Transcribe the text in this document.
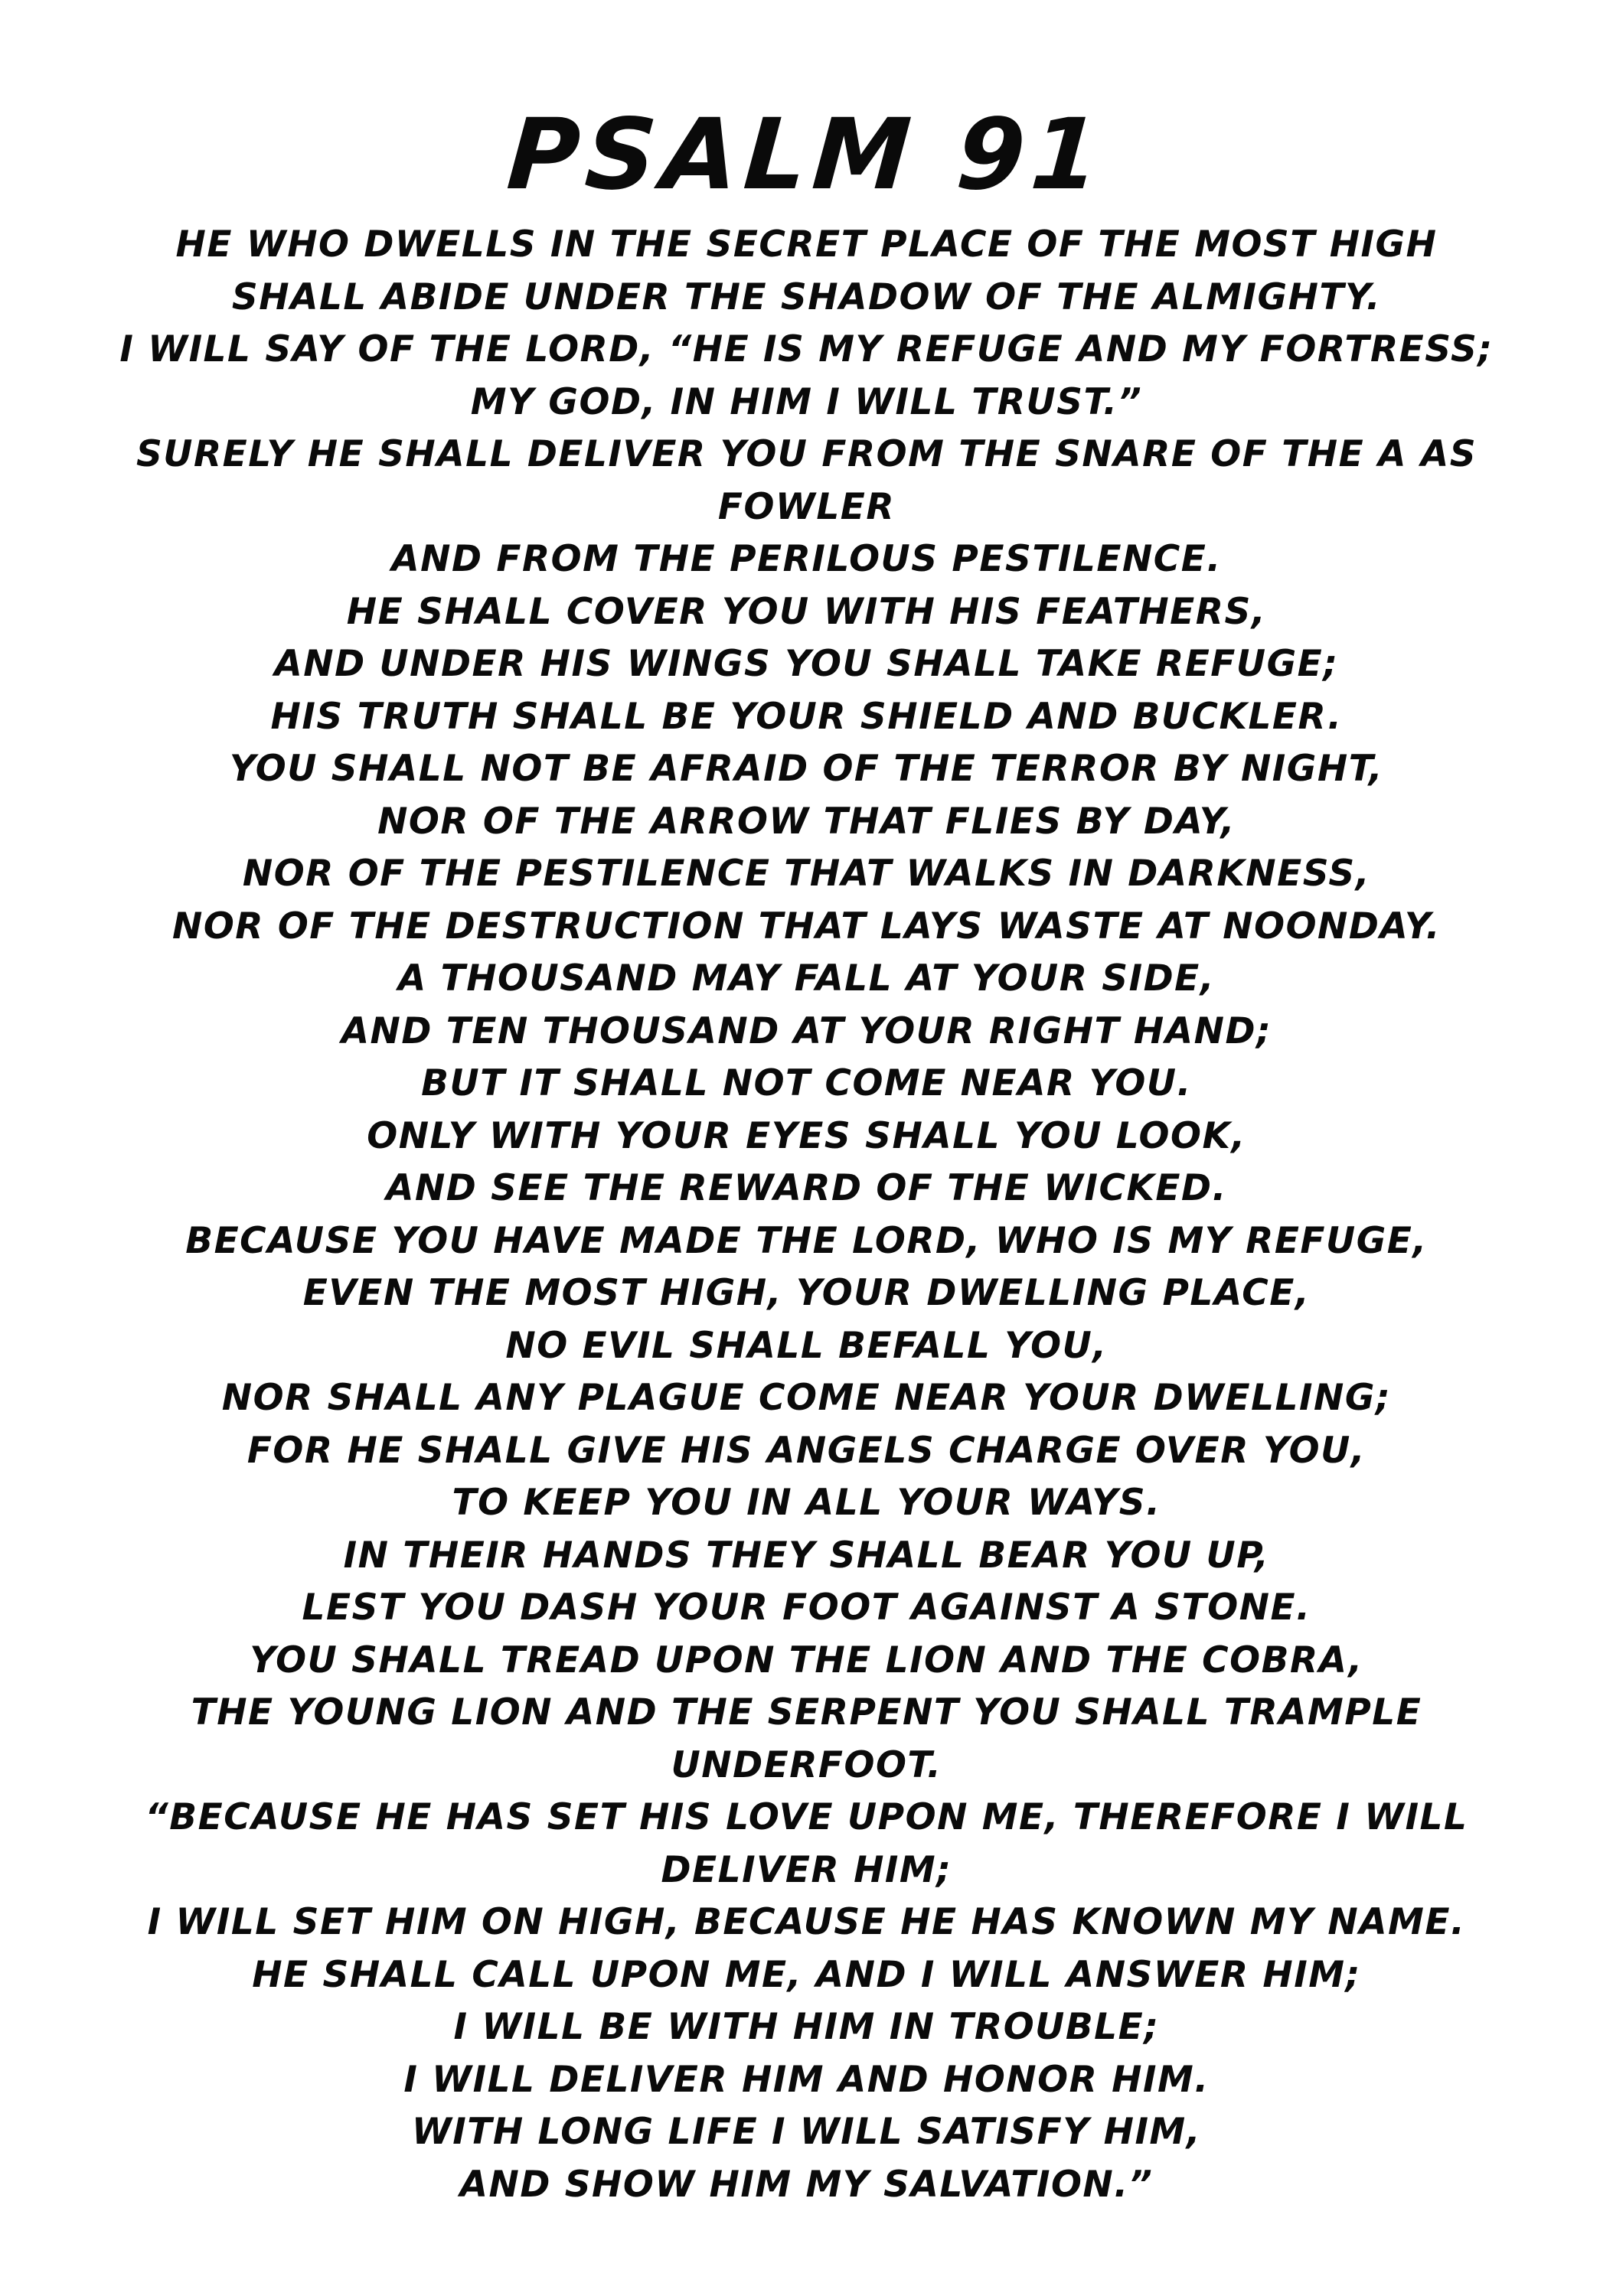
PSALM 91
HE WHO DWELLS IN THE SECRET PLACE OF THE MOST HIGH
SHALL ABIDE UNDER THE SHADOW OF THE ALMIGHTY.
I WILL SAY OF THE LORD, “HE IS MY REFUGE AND MY FORTRESS;
MY GOD, IN HIM I WILL TRUST.”
SURELY HE SHALL DELIVER YOU FROM THE SNARE OF THE A AS
FOWLER
AND FROM THE PERILOUS PESTILENCE.
HE SHALL COVER YOU WITH HIS FEATHERS,
AND UNDER HIS WINGS YOU SHALL TAKE REFUGE;
HIS TRUTH SHALL BE YOUR SHIELD AND BUCKLER.
YOU SHALL NOT BE AFRAID OF THE TERROR BY NIGHT,
NOR OF THE ARROW THAT FLIES BY DAY,
NOR OF THE PESTILENCE THAT WALKS IN DARKNESS,
NOR OF THE DESTRUCTION THAT LAYS WASTE AT NOONDAY.
A THOUSAND MAY FALL AT YOUR SIDE,
AND TEN THOUSAND AT YOUR RIGHT HAND;
BUT IT SHALL NOT COME NEAR YOU.
ONLY WITH YOUR EYES SHALL YOU LOOK,
AND SEE THE REWARD OF THE WICKED.
BECAUSE YOU HAVE MADE THE LORD, WHO IS MY REFUGE,
EVEN THE MOST HIGH, YOUR DWELLING PLACE,
NO EVIL SHALL BEFALL YOU,
NOR SHALL ANY PLAGUE COME NEAR YOUR DWELLING;
FOR HE SHALL GIVE HIS ANGELS CHARGE OVER YOU,
TO KEEP YOU IN ALL YOUR WAYS.
IN THEIR HANDS THEY SHALL BEAR YOU UP,
LEST YOU DASH YOUR FOOT AGAINST A STONE.
YOU SHALL TREAD UPON THE LION AND THE COBRA,
THE YOUNG LION AND THE SERPENT YOU SHALL TRAMPLE
UNDERFOOT.
“BECAUSE HE HAS SET HIS LOVE UPON ME, THEREFORE I WILL
DELIVER HIM;
I WILL SET HIM ON HIGH, BECAUSE HE HAS KNOWN MY NAME.
HE SHALL CALL UPON ME, AND I WILL ANSWER HIM;
I WILL BE WITH HIM IN TROUBLE;
I WILL DELIVER HIM AND HONOR HIM.
WITH LONG LIFE I WILL SATISFY HIM,
AND SHOW HIM MY SALVATION.”
